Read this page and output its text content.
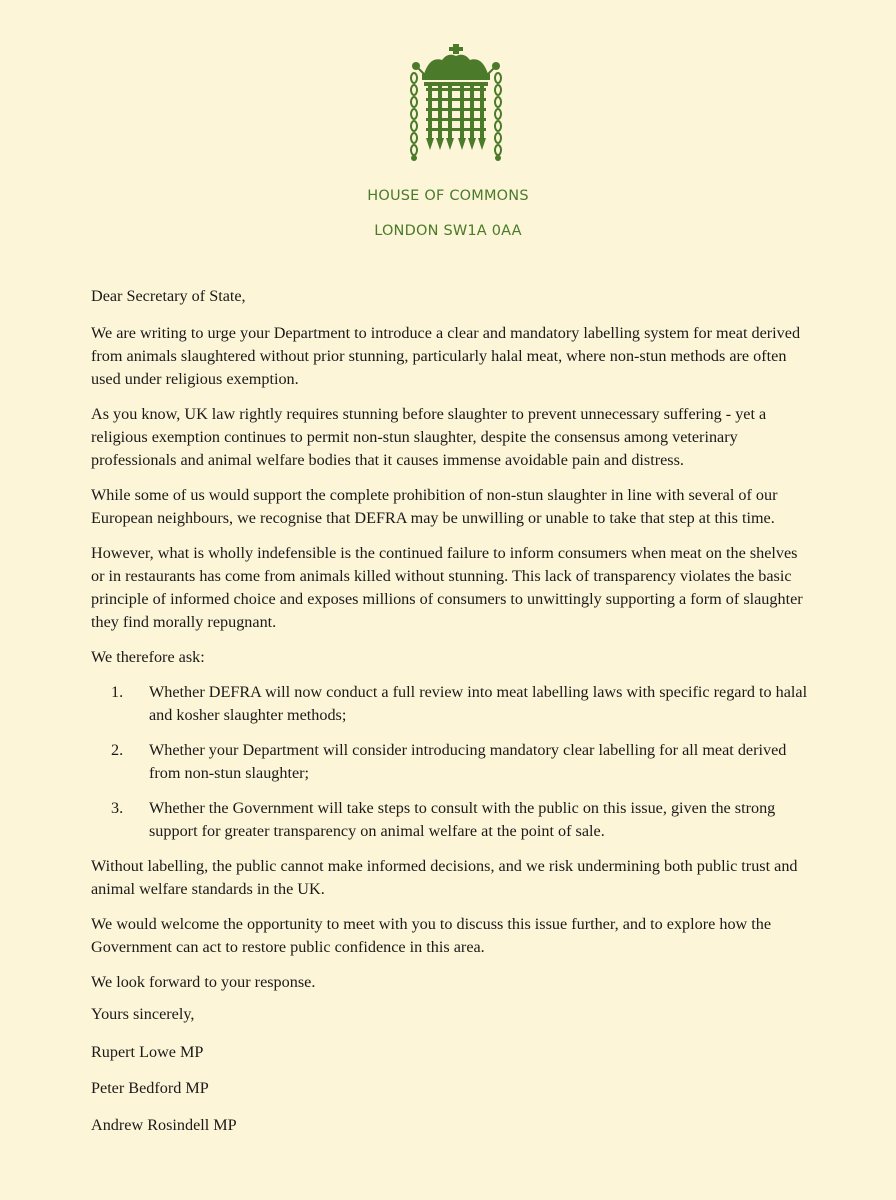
HOUSE OF COMMONS
LONDON SW1A 0AA

Dear Secretary of State,

We are writing to urge your Department to introduce a clear and mandatory labelling system for meat derived from animals slaughtered without prior stunning, particularly halal meat, where non-stun methods are often used under religious exemption.

As you know, UK law rightly requires stunning before slaughter to prevent unnecessary suffering - yet a religious exemption continues to permit non-stun slaughter, despite the consensus among veterinary professionals and animal welfare bodies that it causes immense avoidable pain and distress.

While some of us would support the complete prohibition of non-stun slaughter in line with several of our European neighbours, we recognise that DEFRA may be unwilling or unable to take that step at this time.

However, what is wholly indefensible is the continued failure to inform consumers when meat on the shelves or in restaurants has come from animals killed without stunning. This lack of transparency violates the basic principle of informed choice and exposes millions of consumers to unwittingly supporting a form of slaughter they find morally repugnant.

We therefore ask:

1. Whether DEFRA will now conduct a full review into meat labelling laws with specific regard to halal and kosher slaughter methods;
2. Whether your Department will consider introducing mandatory clear labelling for all meat derived from non-stun slaughter;
3. Whether the Government will take steps to consult with the public on this issue, given the strong support for greater transparency on animal welfare at the point of sale.

Without labelling, the public cannot make informed decisions, and we risk undermining both public trust and animal welfare standards in the UK.

We would welcome the opportunity to meet with you to discuss this issue further, and to explore how the Government can act to restore public confidence in this area.

We look forward to your response.

Yours sincerely,
Rupert Lowe MP
Peter Bedford MP
Andrew Rosindell MP
